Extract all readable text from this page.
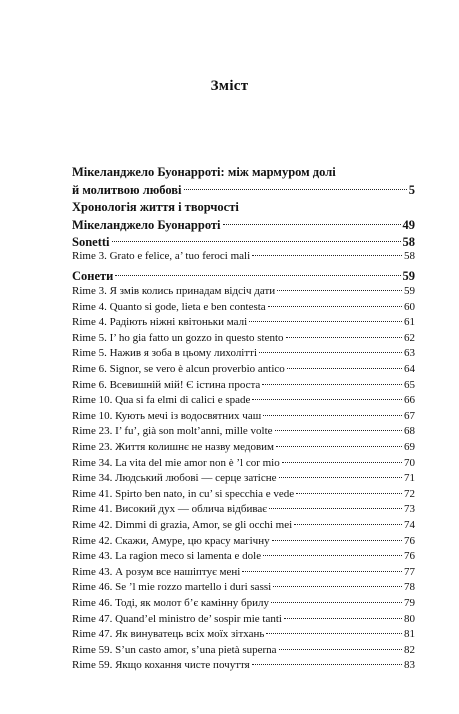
Зміст
Мікеланджело Буонарроті: між мармуром долі
й молитвою любові	5
Хронологія життя і творчості
Мікеланджело Буонарроті	49
Sonetti	58
Rime 3. Grato e felice, a’ tuo feroci mali	58
Сонети	59
Rime 3. Я змів колись принадам відсіч дати	59
Rime 4. Quanto si gode, lieta e ben contesta	60
Rime 4. Радіють ніжні квітоньки малі	61
Rime 5. I’ ho gia fatto un gozzo in questo stento	62
Rime 5. Нажив я зоба в цьому лихолітті	63
Rime 6. Signor, se vero è alcun proverbio antico	64
Rime 6. Всевишній мій! Є істина проста	65
Rime 10. Qua si fa elmi di calici e spade	66
Rime 10. Кують мечі із водосвятних чаш	67
Rime 23. I’ fu’, già son molt’anni, mille volte	68
Rime 23. Життя колишнє не назву медовим	69
Rime 34. La vita del mie amor non è ’l cor mio	70
Rime 34. Людський любові — серце затісне	71
Rime 41. Spirto ben nato, in cu’ si specchia e vede	72
Rime 41. Високий дух — облича відбиває	73
Rime 42. Dimmi di grazia, Amor, se gli occhi mei	74
Rime 42. Скажи, Амуре, цю красу магічну	76
Rime 43. La ragion meco si lamenta e dole	76
Rime 43. А розум все нашіптує мені	77
Rime 46. Se ’l mie rozzo martello i duri sassi	78
Rime 46. Тоді, як молот б’є камінну брилу	79
Rime 47. Quand’el ministro de’ sospir mie tanti	80
Rime 47. Як винуватець всіх моїх зітхань	81
Rime 59. S’un casto amor, s’una pietà superna	82
Rime 59. Якщо кохання чисте почуття	83
